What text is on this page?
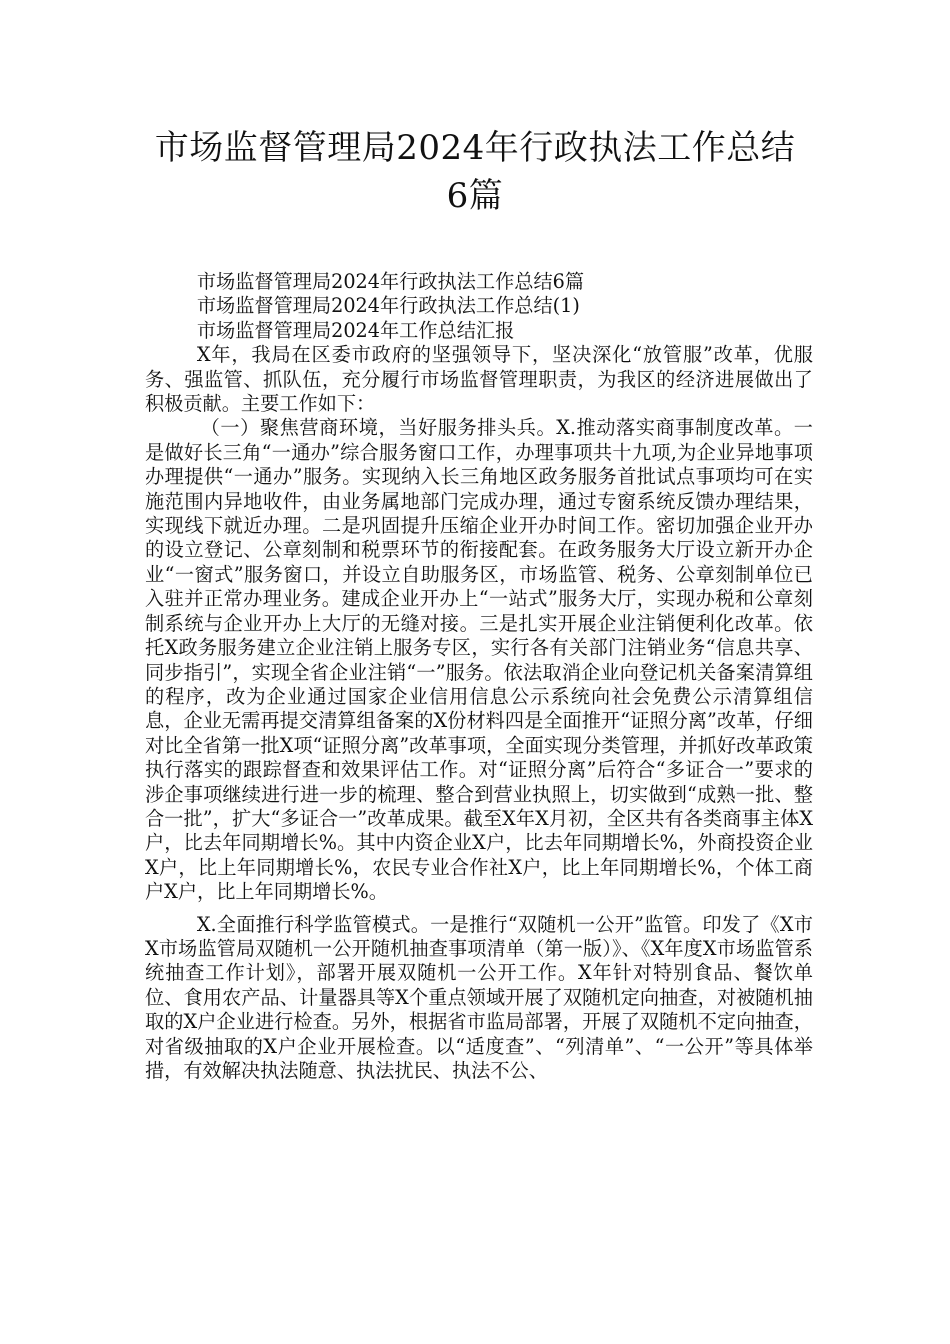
市场监督管理局2024年行政执法工作总结
6篇

市场监督管理局2024年行政执法工作总结6篇

市场监督管理局2024年行政执法工作总结(1)

市场监督管理局2024年工作总结汇报

X年，我局在区委市政府的坚强领导下，坚决深化“放管服”改革，优服务、强监管、抓队伍，充分履行市场监督管理职责，为我区的经济进展做出了积极贡献。主要工作如下：

（一）聚焦营商环境，当好服务排头兵。X.推动落实商事制度改革。一是做好长三角“一通办”综合服务窗口工作，办理事项共十九项,为企业异地事项办理提供“一通办”服务。实现纳入长三角地区政务服务首批试点事项均可在实施范围内异地收件，由业务属地部门完成办理，通过专窗系统反馈办理结果，实现线下就近办理。二是巩固提升压缩企业开办时间工作。密切加强企业开办的设立登记、公章刻制和税票环节的衔接配套。在政务服务大厅设立新开办企业“一窗式”服务窗口，并设立自助服务区，市场监管、税务、公章刻制单位已入驻并正常办理业务。建成企业开办上“一站式”服务大厅，实现办税和公章刻制系统与企业开办上大厅的无缝对接。三是扎实开展企业注销便利化改革。依托X政务服务建立企业注销上服务专区，实行各有关部门注销业务“信息共享、同步指引”，实现全省企业注销“一”服务。依法取消企业向登记机关备案清算组的程序，改为企业通过国家企业信用信息公示系统向社会免费公示清算组信息，企业无需再提交清算组备案的X份材料四是全面推开“证照分离”改革，仔细对比全省第一批X项“证照分离”改革事项，全面实现分类管理，并抓好改革政策执行落实的跟踪督查和效果评估工作。对“证照分离”后符合“多证合一”要求的涉企事项继续进行进一步的梳理、整合到营业执照上，切实做到“成熟一批、整合一批”，扩大“多证合一”改革成果。截至X年X月初，全区共有各类商事主体X户，比去年同期增长%。其中内资企业X户，比去年同期增长%，外商投资企业X户，比上年同期增长%，农民专业合作社X户，比上年同期增长%，个体工商户X户，比上年同期增长%。

X.全面推行科学监管模式。一是推行“双随机一公开”监管。印发了《X市X市场监管局双随机一公开随机抽查事项清单（第一版）》、《X年度X市场监管系统抽查工作计划》，部署开展双随机一公开工作。X年针对特别食品、餐饮单位、食用农产品、计量器具等X个重点领域开展了双随机定向抽查，对被随机抽取的X户企业进行检查。另外，根据省市监局部署，开展了双随机不定向抽查，对省级抽取的X户企业开展检查。以“适度查”、“列清单”、“一公开”等具体举措，有效解决执法随意、执法扰民、执法不公、
